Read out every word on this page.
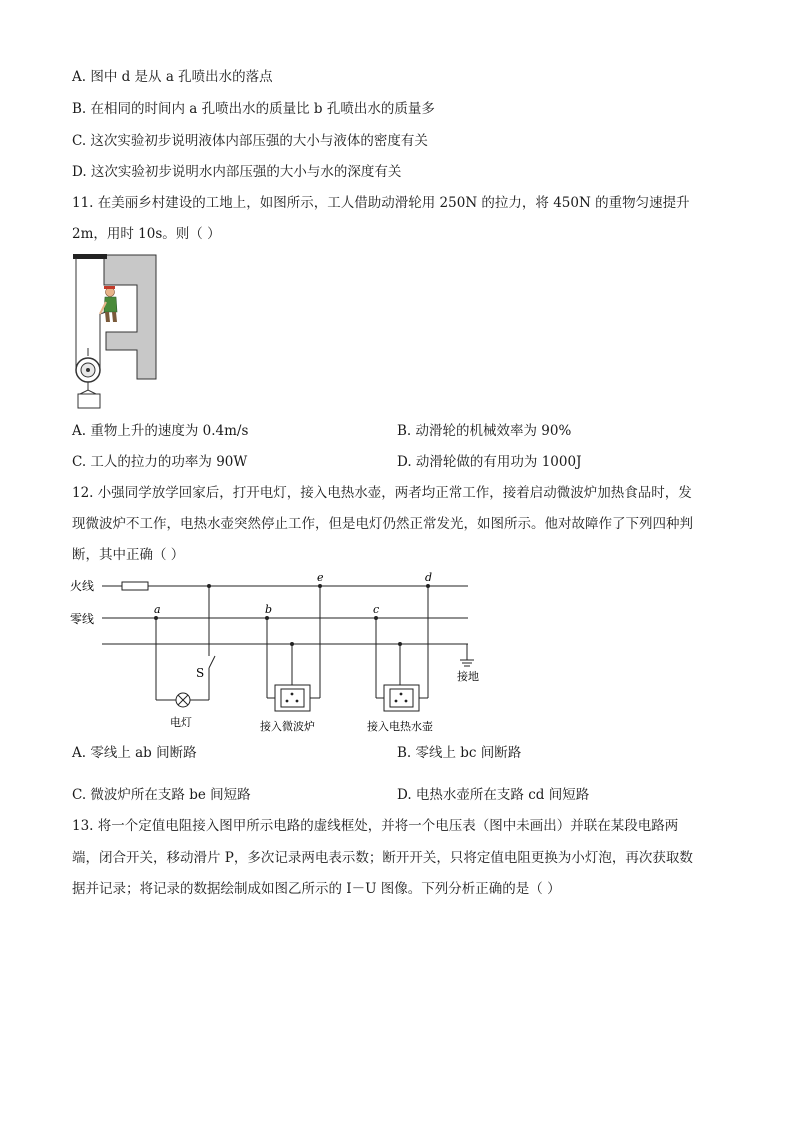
A. 图中 d 是从 a 孔喷出水的落点
B. 在相同的时间内 a 孔喷出水的质量比 b 孔喷出水的质量多
C. 这次实验初步说明液体内部压强的大小与液体的密度有关
D. 这次实验初步说明水内部压强的大小与水的深度有关
11. 在美丽乡村建设的工地上，如图所示，工人借助动滑轮用 250N 的拉力，将 450N 的重物匀速提升
2m，用时 10s。则（ ）
A. 重物上升的速度为 0.4m/s	B. 动滑轮的机械效率为 90%
C. 工人的拉力的功率为 90W	D. 动滑轮做的有用功为 1000J
12. 小强同学放学回家后，打开电灯，接入电热水壶，两者均正常工作，接着启动微波炉加热食品时，发
现微波炉不工作，电热水壶突然停止工作，但是电灯仍然正常发光，如图所示。他对故障作了下列四种判
断，其中正确（ ）
火线
零线
接地
电灯	接入微波炉	接入电热水壶
S
a	b	c
d
e
A. 零线上 ab 间断路	B. 零线上 bc 间断路
C. 微波炉所在支路 be 间短路	D. 电热水壶所在支路 cd 间短路
13. 将一个定值电阻接入图甲所示电路的虚线框处，并将一个电压表（图中未画出）并联在某段电路两
端，闭合开关，移动滑片 P，多次记录两电表示数；断开开关，只将定值电阻更换为小灯泡，再次获取数
据并记录；将记录的数据绘制成如图乙所示的 I－U 图像。下列分析正确的是（ ）
